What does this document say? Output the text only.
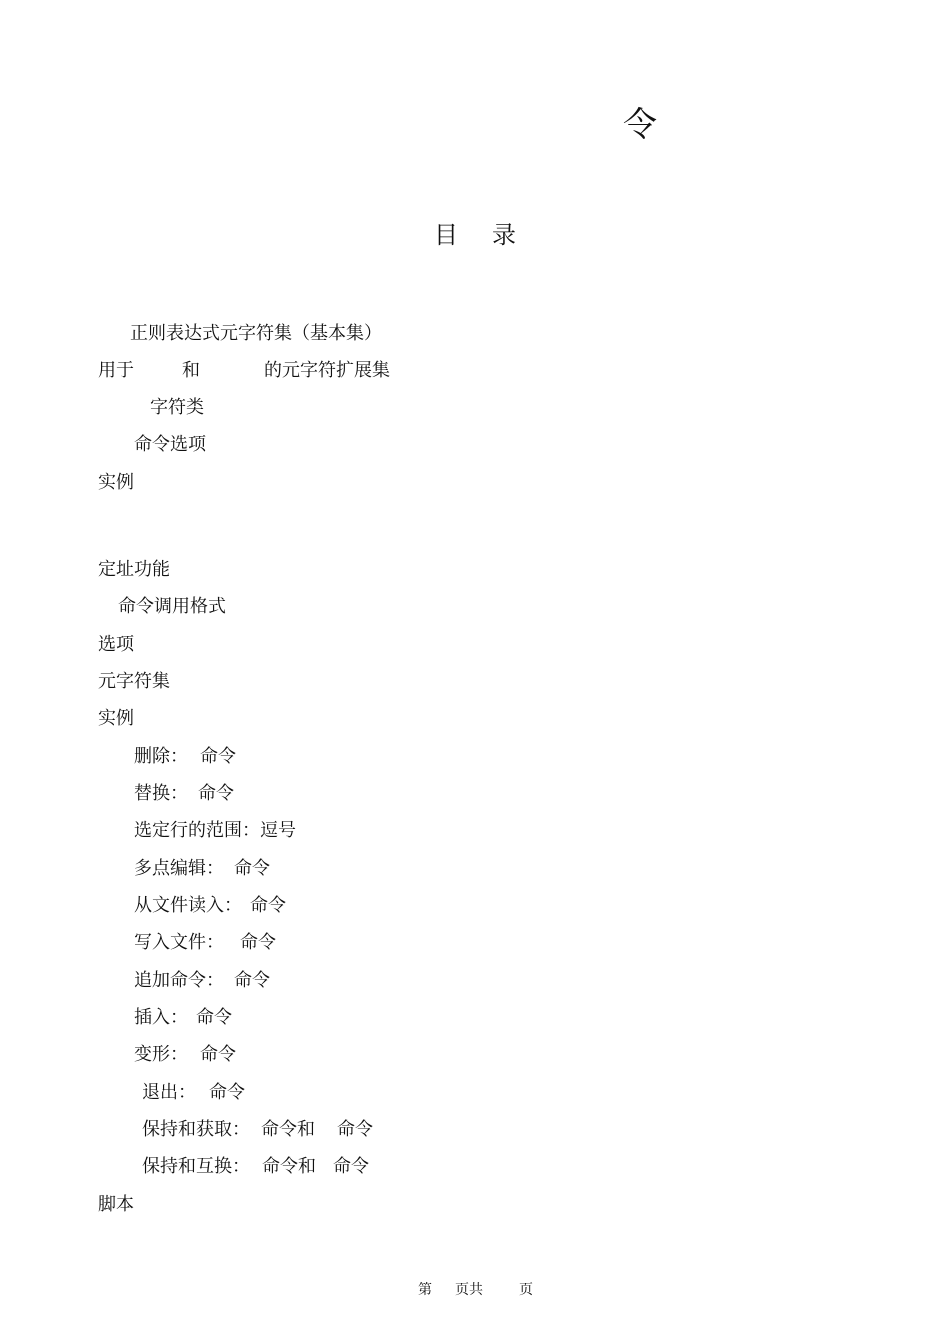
令
目录
正则表达式元字符集（基本集）
用于	和	的元字符扩展集
字符类
命令选项
实例
定址功能
命令调用格式
选项
元字符集
实例
删除： 命令
替换： 命令
选定行的范围：逗号
多点编辑： 命令
从文件读入： 命令
写入文件： 命令
追加命令： 命令
插入： 命令
变形： 命令
退出： 命令
保持和获取： 命令和 命令
保持和互换： 命令和 命令
脚本
第 页共	页
